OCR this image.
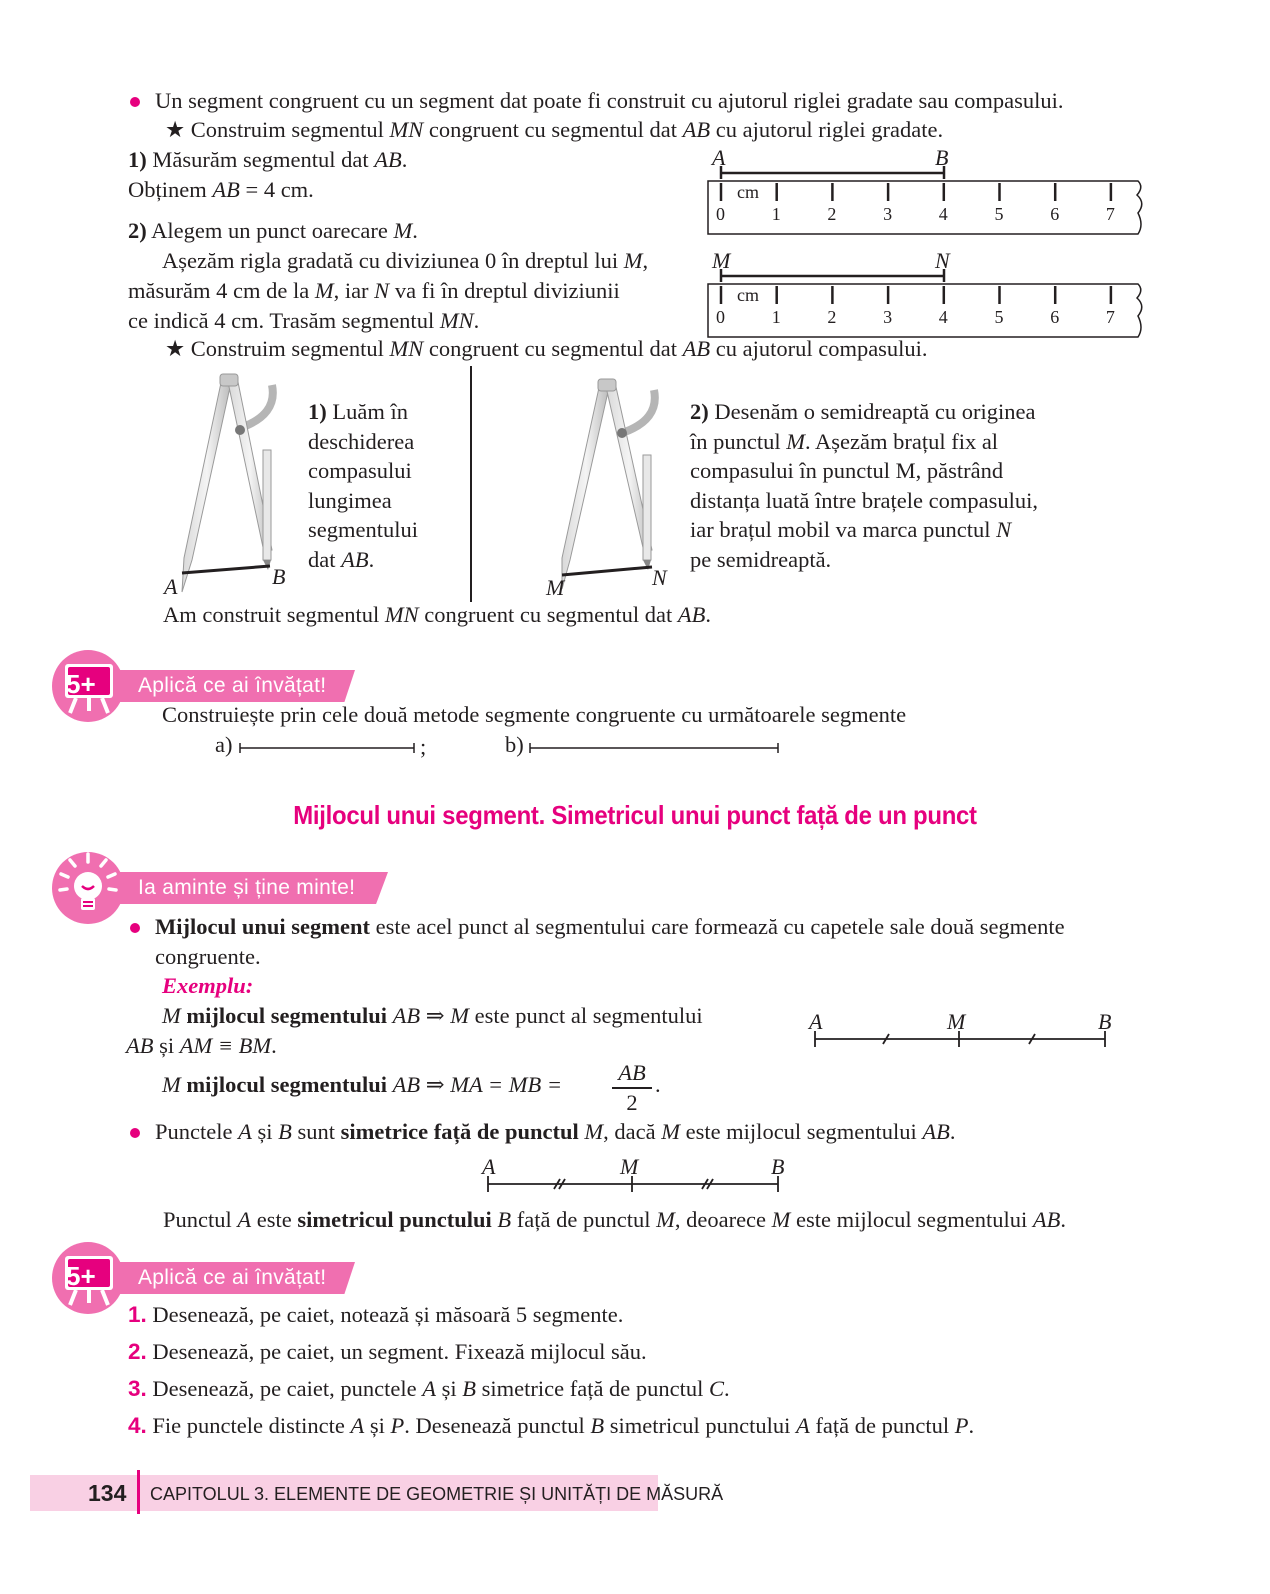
Un segment congruent cu un segment dat poate fi construit cu ajutorul riglei gradate sau compasului.
★ Construim segmentul MN congruent cu segmentul dat AB cu ajutorul riglei gradate.
1) Măsurăm segmentul dat AB.
Obținem AB = 4 cm.
2) Alegem un punct oarecare M.
Așezăm rigla gradată cu diviziunea 0 în dreptul lui M,
măsurăm 4 cm de la M, iar N va fi în dreptul diviziunii
ce indică 4 cm. Trasăm segmentul MN.
A	B
cm
0	1	2	3	4	5	6	7
M	N
cm
0	1	2	3	4	5	6	7
★ Construim segmentul MN congruent cu segmentul dat AB cu ajutorul compasului.
A	B
1) Luăm în
deschiderea
compasului
lungimea
segmentului
dat AB.
M	N
2) Desenăm o semidreaptă cu originea
în punctul M. Așezăm brațul fix al
compasului în punctul M, păstrând
distanța luată între brațele compasului,
iar brațul mobil va marca punctul N
pe semidreaptă.
Am construit segmentul MN congruent cu segmentul dat AB.
5+ Aplică ce ai învățat!
Construiește prin cele două metode segmente congruente cu următoarele segmente
a)	;	b)
Mijlocul unui segment. Simetricul unui punct față de un punct
Ia aminte și ține minte!
Mijlocul unui segment este acel punct al segmentului care formează cu capetele sale două segmente
congruente.
Exemplu:
M mijlocul segmentului AB ⇒ M este punct al segmentului
AB și AM ≡ BM.
M mijlocul segmentului AB ⇒ MA = MB = AB
2
.
A	M	B
Punctele A și B sunt simetrice față de punctul M, dacă M este mijlocul segmentului AB.
A	M	B
Punctul A este simetricul punctului B față de punctul M, deoarece M este mijlocul segmentului AB.
5+ Aplică ce ai învățat!
1. Desenează, pe caiet, notează și măsoară 5 segmente.
2. Desenează, pe caiet, un segment. Fixează mijlocul său.
3. Desenează, pe caiet, punctele A și B simetrice față de punctul C.
4. Fie punctele distincte A și P. Desenează punctul B simetricul punctului A față de punctul P.
134 CAPITOLUL 3. ELEMENTE DE GEOMETRIE ȘI UNITĂȚI DE MĂSURĂ
